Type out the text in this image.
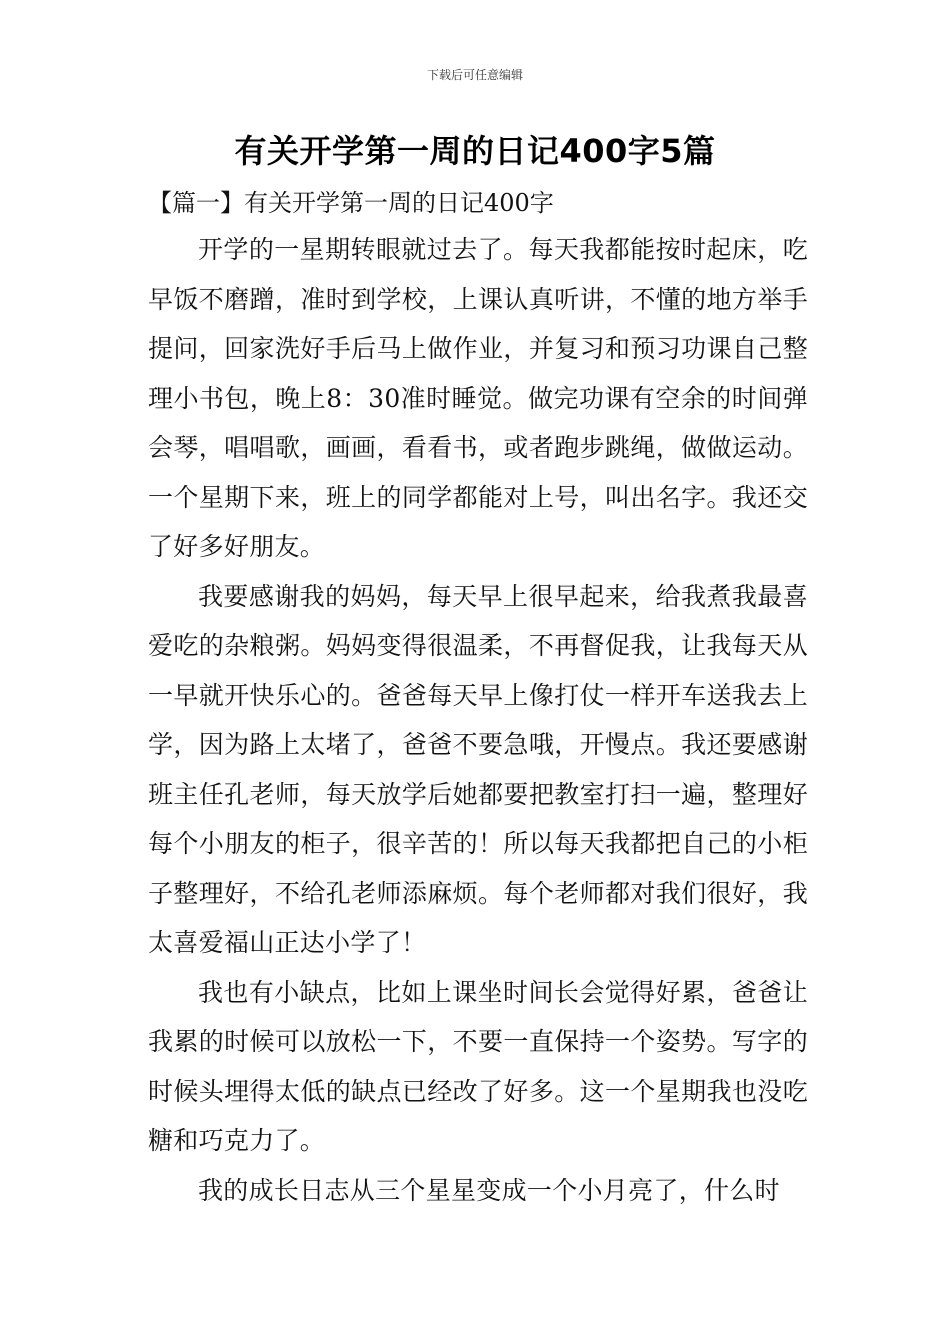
下载后可任意编辑
有关开学第一周的日记400字5篇
【篇一】有关开学第一周的日记400字

开学的一星期转眼就过去了。每天我都能按时起床，吃早饭不磨蹭，准时到学校，上课认真听讲，不懂的地方举手提问，回家洗好手后马上做作业，并复习和预习功课自己整理小书包，晚上8：30准时睡觉。做完功课有空余的时间弹会琴，唱唱歌，画画，看看书，或者跑步跳绳，做做运动。一个星期下来，班上的同学都能对上号，叫出名字。我还交了好多好朋友。

我要感谢我的妈妈，每天早上很早起来，给我煮我最喜爱吃的杂粮粥。妈妈变得很温柔，不再督促我，让我每天从一早就开快乐心的。爸爸每天早上像打仗一样开车送我去上学，因为路上太堵了，爸爸不要急哦，开慢点。我还要感谢班主任孔老师，每天放学后她都要把教室打扫一遍，整理好每个小朋友的柜子，很辛苦的！所以每天我都把自己的小柜子整理好，不给孔老师添麻烦。每个老师都对我们很好，我太喜爱福山正达小学了！

我也有小缺点，比如上课坐时间长会觉得好累，爸爸让我累的时候可以放松一下，不要一直保持一个姿势。写字的时候头埋得太低的缺点已经改了好多。这一个星期我也没吃糖和巧克力了。

我的成长日志从三个星星变成一个小月亮了，什么时
